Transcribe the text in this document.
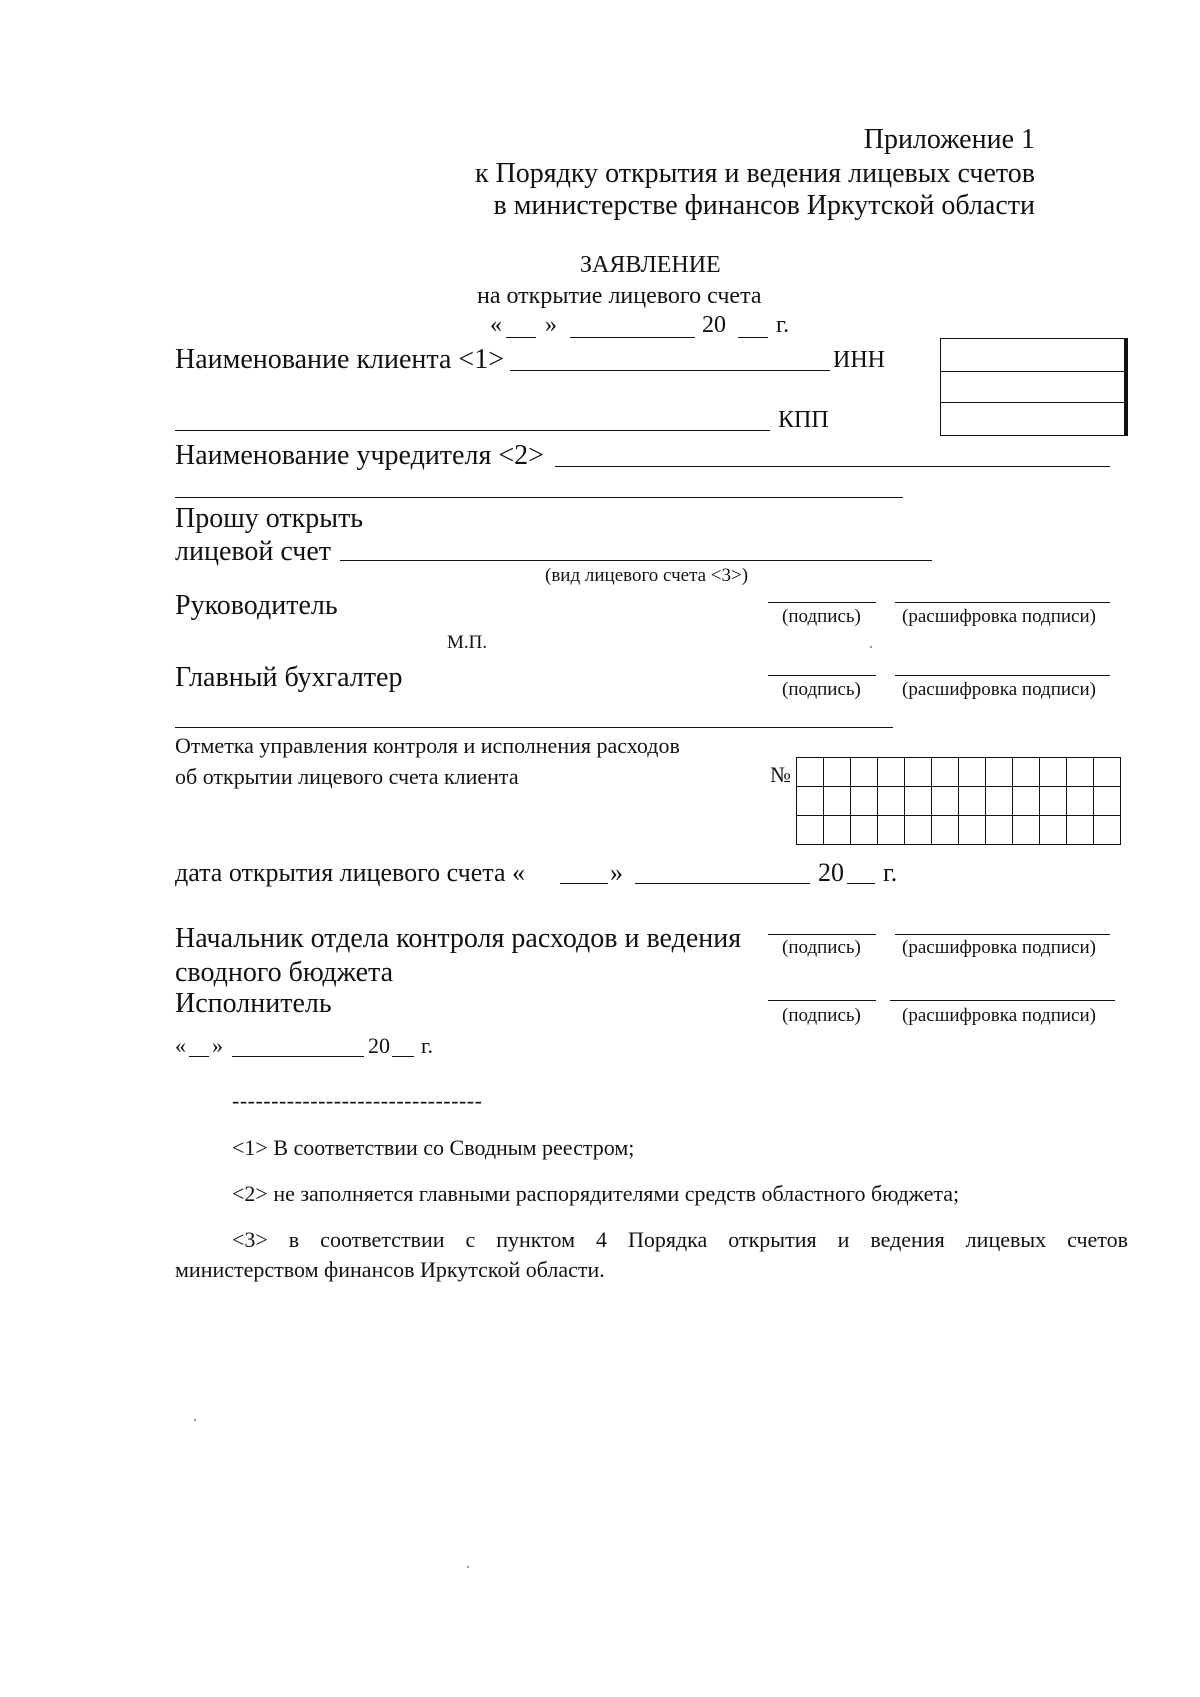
Приложение 1
к Порядку открытия и ведения лицевых счетов
в министерстве финансов Иркутской области
ЗАЯВЛЕНИЕ
на открытие лицевого счета
« »	20 г.
Наименование клиента <1>	ИНН
КПП
Наименование учредителя <2>
Прошу открыть
лицевой счет
(вид лицевого счета <3>)
Руководитель	(подпись) (расшифровка подписи)
М.П.
Главный бухгалтер	(подпись) (расшифровка подписи)
Отметка управления контроля и исполнения расходов
об открытии лицевого счета клиента	№

дата открытия лицевого счета «	»	20 г.
Начальник отдела контроля расходов и ведения
сводного бюджета
(подпись) (расшифровка подписи)
Исполнитель	(подпись) (расшифровка подписи)
« »	20 г.
--------------------------------
<1> В соответствии со Сводным реестром;
<2> не заполняется главными распорядителями средств областного бюджета;
<3> в соответствии с пунктом 4 Порядка открытия и ведения лицевых счетов
министерством финансов Иркутской области.
